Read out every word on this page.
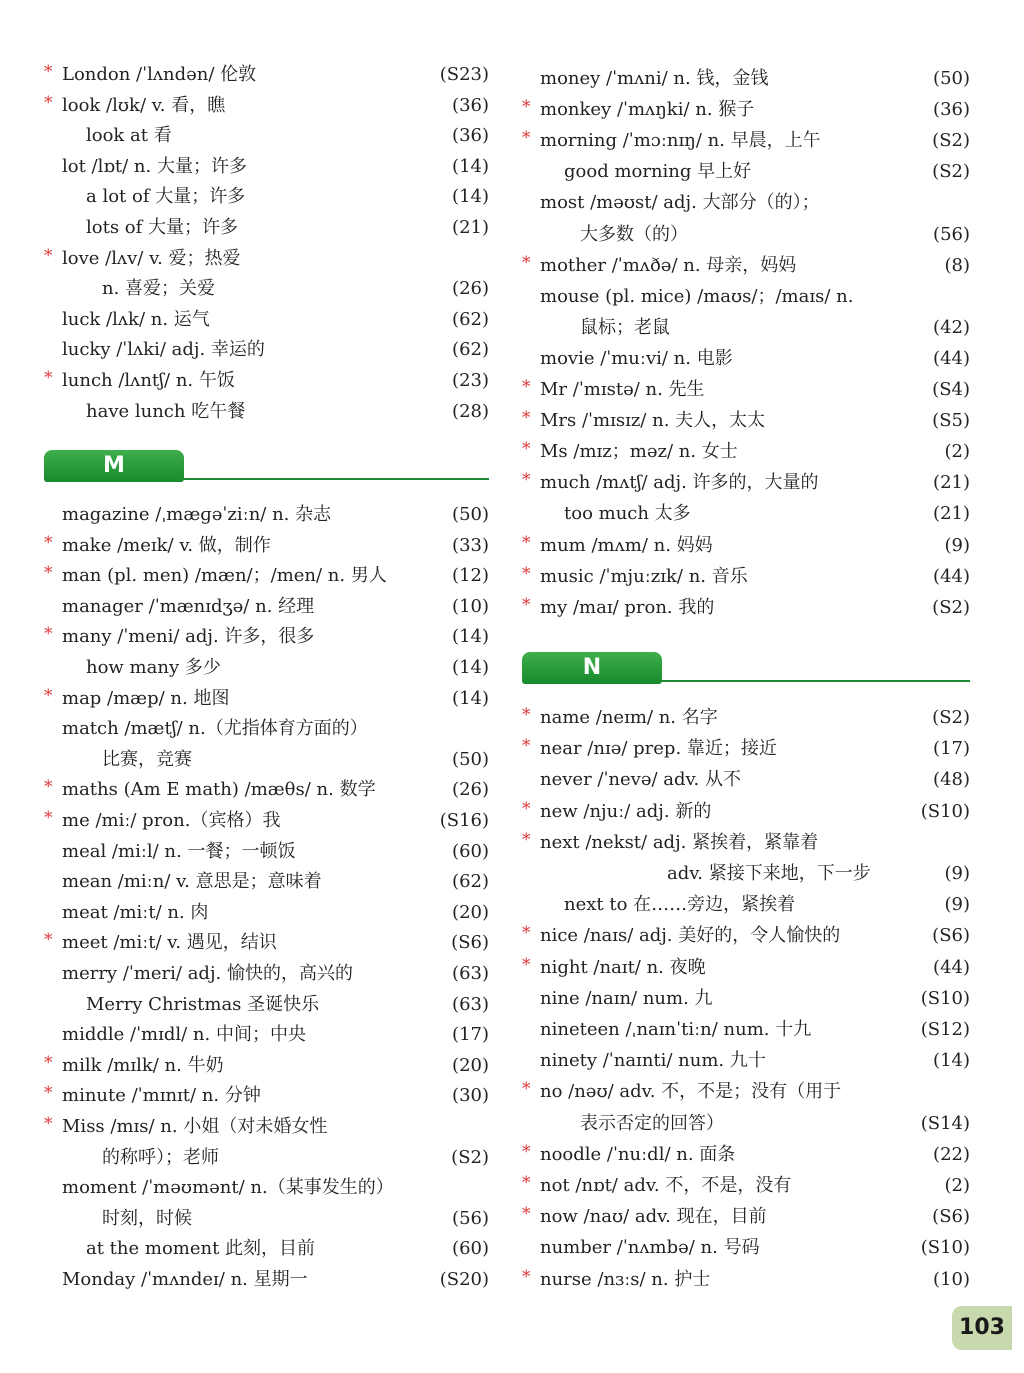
* London /ˈlʌndən/ 伦敦	(S23)
* look /lʊk/ v. 看，瞧	(36)
look at 看	(36)
lot /lɒt/ n. 大量；许多	(14)
a lot of 大量；许多	(14)
lots of 大量；许多	(21)
* love /lʌv/ v. 爱；热爱
n. 喜爱；关爱	(26)
luck /lʌk/ n. 运气	(62)
lucky /ˈlʌki/ adj. 幸运的	(62)
* lunch /lʌntʃ/ n. 午饭	(23)
have lunch 吃午餐	(28)
M
magazine /ˌmæɡəˈziːn/ n. 杂志	(50)
* make /meɪk/ v. 做，制作	(33)
* man (pl. men) /mæn/；/men/ n. 男人	(12)
manager /ˈmænɪdʒə/ n. 经理	(10)
* many /ˈmeni/ adj. 许多，很多	(14)
how many 多少	(14)
* map /mæp/ n. 地图	(14)
match /mætʃ/ n.（尤指体育方面的）
比赛，竞赛	(50)
* maths (Am E math) /mæθs/ n. 数学	(26)
* me /miː/ pron.（宾格）我	(S16)
meal /miːl/ n. 一餐；一顿饭	(60)
mean /miːn/ v. 意思是；意味着	(62)
meat /miːt/ n. 肉	(20)
* meet /miːt/ v. 遇见，结识	(S6)
merry /ˈmeri/ adj. 愉快的，高兴的	(63)
Merry Christmas 圣诞快乐	(63)
middle /ˈmɪdl/ n. 中间；中央	(17)
* milk /mɪlk/ n. 牛奶	(20)
* minute /ˈmɪnɪt/ n. 分钟	(30)
* Miss /mɪs/ n. 小姐（对未婚女性
的称呼）；老师	(S2)
moment /ˈməʊmənt/ n.（某事发生的）
时刻，时候	(56)
at the moment 此刻，目前	(60)
Monday /ˈmʌndeɪ/ n. 星期一	(S20)
money /ˈmʌni/ n. 钱，金钱	(50)
* monkey /ˈmʌŋki/ n. 猴子	(36)
* morning /ˈmɔːnɪŋ/ n. 早晨，上午	(S2)
good morning 早上好	(S2)
most /məʊst/ adj. 大部分（的）；
大多数（的）	(56)
* mother /ˈmʌðə/ n. 母亲，妈妈	(8)
mouse (pl. mice) /maʊs/；/maɪs/ n.
鼠标；老鼠	(42)
movie /ˈmuːvi/ n. 电影	(44)
* Mr /ˈmɪstə/ n. 先生	(S4)
* Mrs /ˈmɪsɪz/ n. 夫人，太太	(S5)
* Ms /mɪz；məz/ n. 女士	(2)
* much /mʌtʃ/ adj. 许多的，大量的	(21)
too much 太多	(21)
* mum /mʌm/ n. 妈妈	(9)
* music /ˈmjuːzɪk/ n. 音乐	(44)
* my /maɪ/ pron. 我的	(S2)
N
* name /neɪm/ n. 名字	(S2)
* near /nɪə/ prep. 靠近；接近	(17)
never /ˈnevə/ adv. 从不	(48)
* new /njuː/ adj. 新的	(S10)
* next /nekst/ adj. 紧挨着，紧靠着
adv. 紧接下来地，下一步	(9)
next to 在……旁边，紧挨着	(9)
* nice /naɪs/ adj. 美好的，令人愉快的	(S6)
* night /naɪt/ n. 夜晚	(44)
nine /naɪn/ num. 九	(S10)
nineteen /ˌnaɪnˈtiːn/ num. 十九	(S12)
ninety /ˈnaɪnti/ num. 九十	(14)
* no /nəʊ/ adv. 不，不是；没有（用于
表示否定的回答）	(S14)
* noodle /ˈnuːdl/ n. 面条	(22)
* not /nɒt/ adv. 不，不是，没有	(2)
* now /naʊ/ adv. 现在，目前	(S6)
number /ˈnʌmbə/ n. 号码	(S10)
* nurse /nɜːs/ n. 护士	(10)
103
